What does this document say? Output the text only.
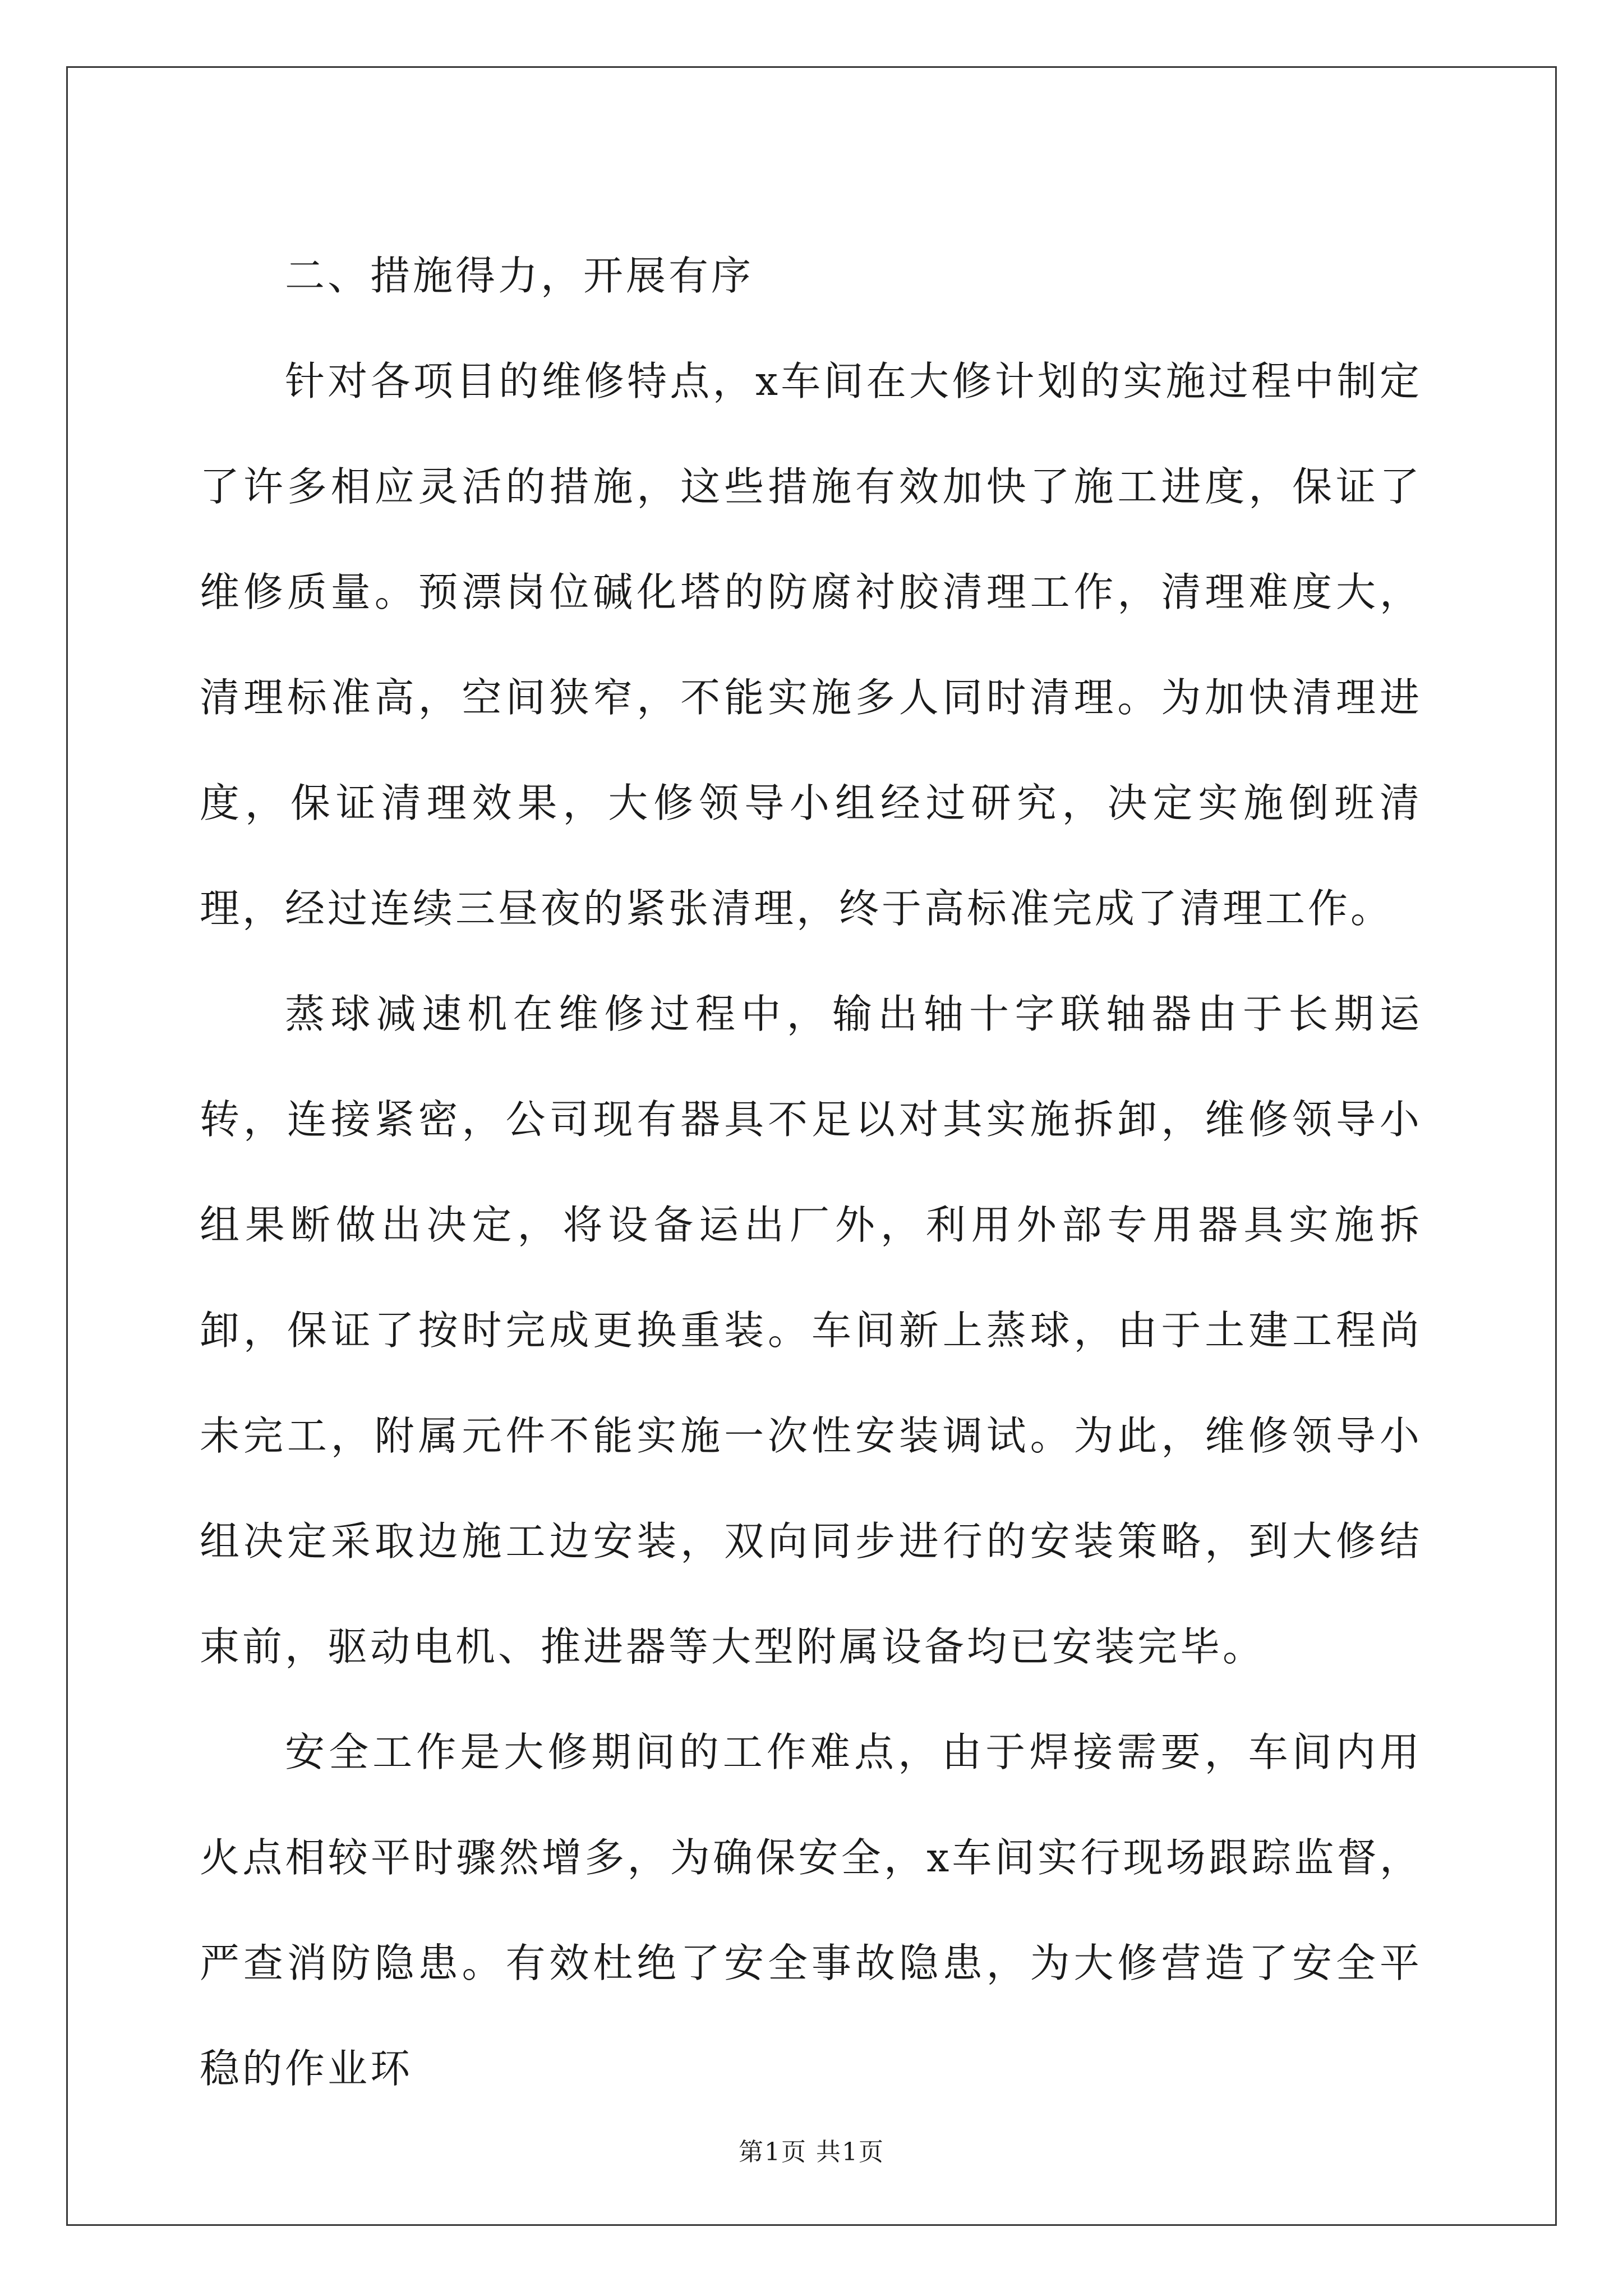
二、措施得力，开展有序

针对各项目的维修特点，x车间在大修计划的实施过程中制定了许多相应灵活的措施，这些措施有效加快了施工进度，保证了维修质量。预漂岗位碱化塔的防腐衬胶清理工作，清理难度大，清理标准高，空间狭窄，不能实施多人同时清理。为加快清理进度，保证清理效果，大修领导小组经过研究，决定实施倒班清理，经过连续三昼夜的紧张清理，终于高标准完成了清理工作。

蒸球减速机在维修过程中，输出轴十字联轴器由于长期运转，连接紧密，公司现有器具不足以对其实施拆卸，维修领导小组果断做出决定，将设备运出厂外，利用外部专用器具实施拆卸，保证了按时完成更换重装。车间新上蒸球，由于土建工程尚未完工，附属元件不能实施一次性安装调试。为此，维修领导小组决定采取边施工边安装，双向同步进行的安装策略，到大修结束前，驱动电机、推进器等大型附属设备均已安装完毕。

安全工作是大修期间的工作难点，由于焊接需要，车间内用火点相较平时骤然增多，为确保安全，x车间实行现场跟踪监督，严查消防隐患。有效杜绝了安全事故隐患，为大修营造了安全平稳的作业环

第1页 共1页
